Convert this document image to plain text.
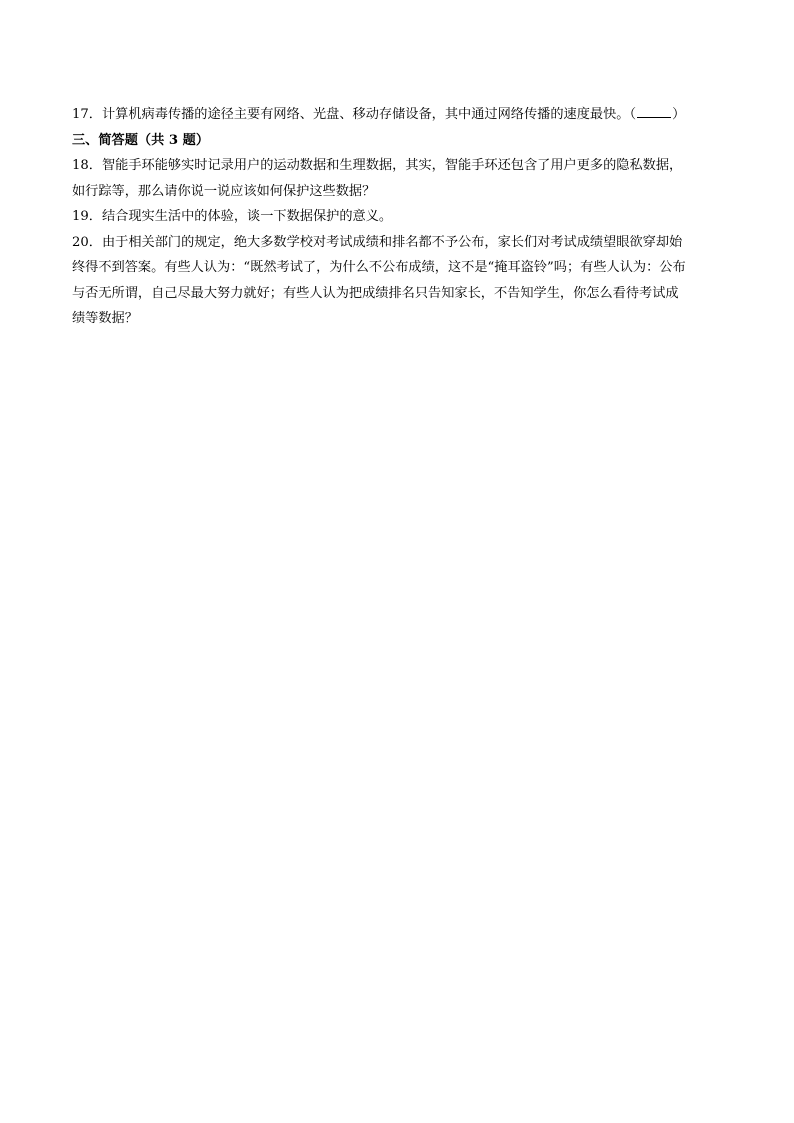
17．计算机病毒传播的途径主要有网络、光盘、移动存储设备，其中通过网络传播的速度最快。（	）

三、简答题（共 3 题）

18．智能手环能够实时记录用户的运动数据和生理数据，其实，智能手环还包含了用户更多的隐私数据，

如行踪等，那么请你说一说应该如何保护这些数据？

19．结合现实生活中的体验，谈一下数据保护的意义。

20．由于相关部门的规定，绝大多数学校对考试成绩和排名都不予公布，家长们对考试成绩望眼欲穿却始

终得不到答案。有些人认为：“既然考试了，为什么不公布成绩，这不是“掩耳盗铃”吗；有些人认为：公布

与否无所谓，自己尽最大努力就好；有些人认为把成绩排名只告知家长，不告知学生，你怎么看待考试成

绩等数据？
